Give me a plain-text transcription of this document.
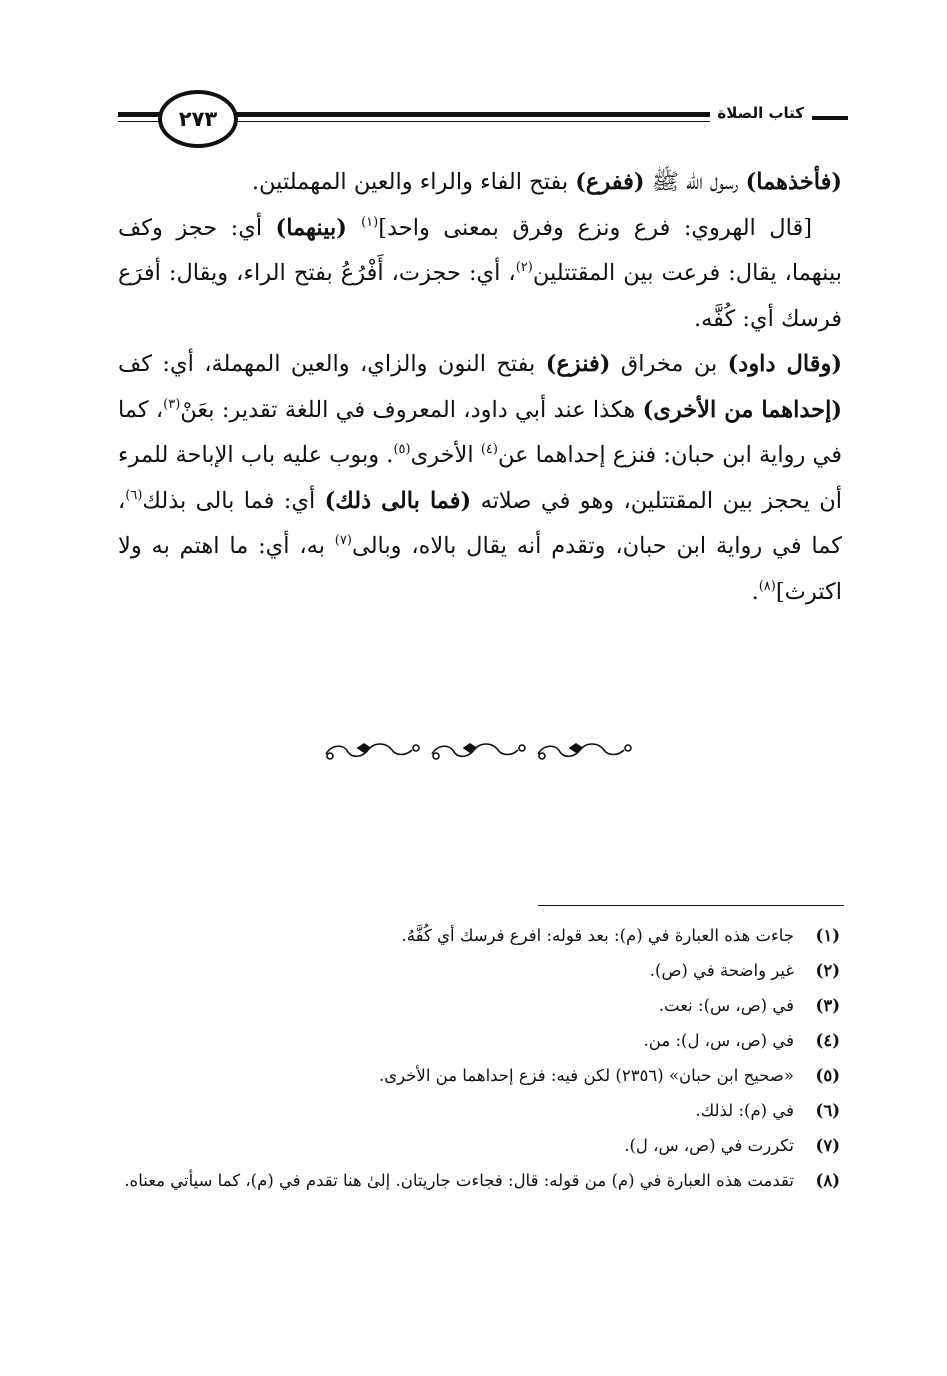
٢٧٣	كتاب الصلاة

(فأخذهما) رسول الله ﷺ (ففرع) بفتح الفاء والراء والعين المهملتين.

[قال الهروي: فرع ونزع وفرق بمعنى واحد]$^{(١)}$ (بينهما) أي: حجز وكف بينهما، يقال: فرعت بين المقتتلين$^{(٢)}$، أي: حجزت، أَفْرُعُ بفتح الراء، ويقال: أفرَع فرسك أي: كُفَّه.

(وقال داود) بن مخراق (فنزع) بفتح النون والزاي، والعين المهملة، أي: كف (إحداهما من الأخرى) هكذا عند أبي داود، المعروف في اللغة تقدير: بعَنْ$^{(٣)}$، كما في رواية ابن حبان: فنزع إحداهما عن$^{(٤)}$ الأخرى$^{(٥)}$. وبوب عليه باب الإباحة للمرء أن يحجز بين المقتتلين، وهو في صلاته (فما بالى ذلك) أي: فما بالى بذلك$^{(٦)}$، كما في رواية ابن حبان، وتقدم أنه يقال بالاه، وبالى$^{(٧)}$ به، أي: ما اهتم به ولا اكترث]$^{(٨)}$.

(١)
جاءت هذه العبارة في (م): بعد قوله: افرع فرسك أي كُفَّهُ.
(٢)
غير واضحة في (ص).
(٣)
في (ص، س): نعت.
(٤)
في (ص، س، ل): من.
(٥)
«صحيح ابن حبان» (٢٣٥٦) لكن فيه: فزع إحداهما من الأخرى.
(٦)
في (م): لذلك.
(٧)
تكررت في (ص، س، ل).
(٨)
تقدمت هذه العبارة في (م) من قوله: قال: فجاءت جاريتان. إلىٰ هنا تقدم في (م)، كما سيأتي معناه.
